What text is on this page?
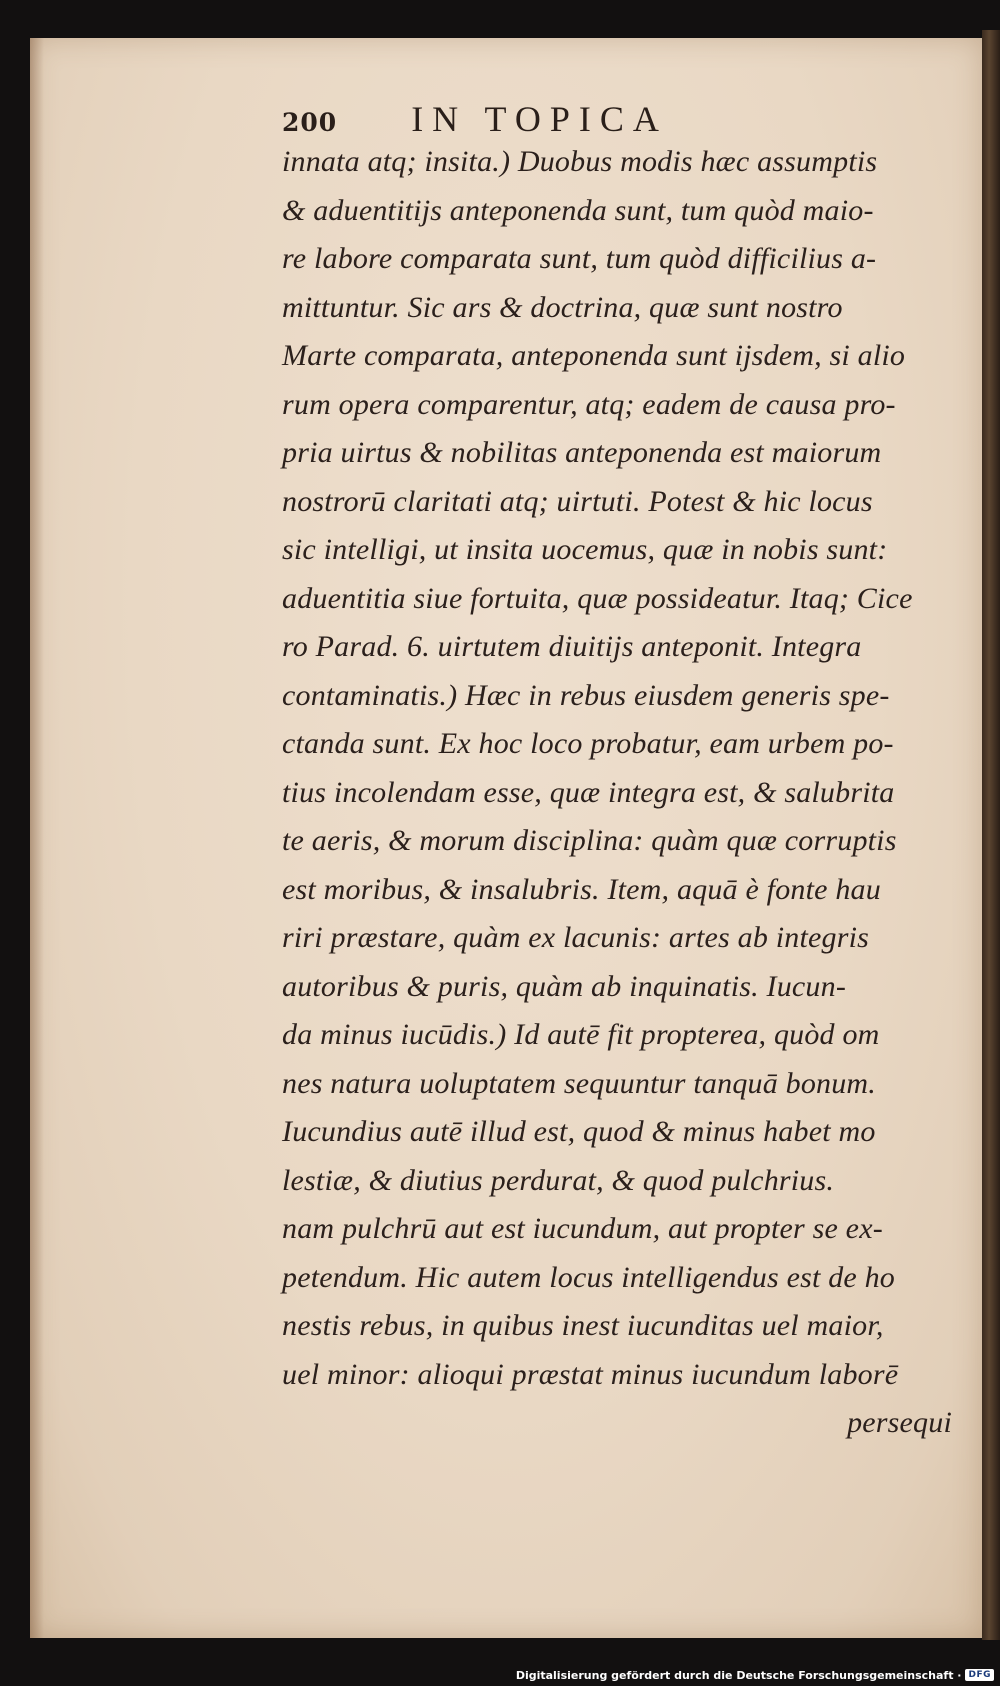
200 IN TOPICA
innata atq; insita.) Duobus modis hæc assumptis
& aduentitijs anteponenda sunt, tum quòd maio-
re labore comparata sunt, tum quòd difficilius a-
mittuntur. Sic ars & doctrina, quæ sunt nostro
Marte comparata, anteponenda sunt ijsdem, si alio
rum opera comparentur, atq; eadem de causa pro-
pria uirtus & nobilitas anteponenda est maiorum
nostrorū claritati atq; uirtuti. Potest & hic locus
sic intelligi, ut insita uocemus, quæ in nobis sunt:
aduentitia siue fortuita, quæ possideatur. Itaq; Cice
ro Parad. 6. uirtutem diuitijs anteponit. Integra
contaminatis.) Hæc in rebus eiusdem generis spe-
ctanda sunt. Ex hoc loco probatur, eam urbem po-
tius incolendam esse, quæ integra est, & salubrita
te aeris, & morum disciplina: quàm quæ corruptis
est moribus, & insalubris. Item, aquā è fonte hau
riri præstare, quàm ex lacunis: artes ab integris
autoribus & puris, quàm ab inquinatis. Iucun-
da minus iucūdis.) Id autē fit propterea, quòd om
nes natura uoluptatem sequuntur tanquā bonum.
Iucundius autē illud est, quod & minus habet mo
lestiæ, & diutius perdurat, & quod pulchrius.
nam pulchrū aut est iucundum, aut propter se ex-
petendum. Hic autem locus intelligendus est de ho
nestis rebus, in quibus inest iucunditas uel maior,
uel minor: alioqui præstat minus iucundum laborē
persequi
Digitalisierung gefördert durch die Deutsche Forschungsgemeinschaft · DFG
